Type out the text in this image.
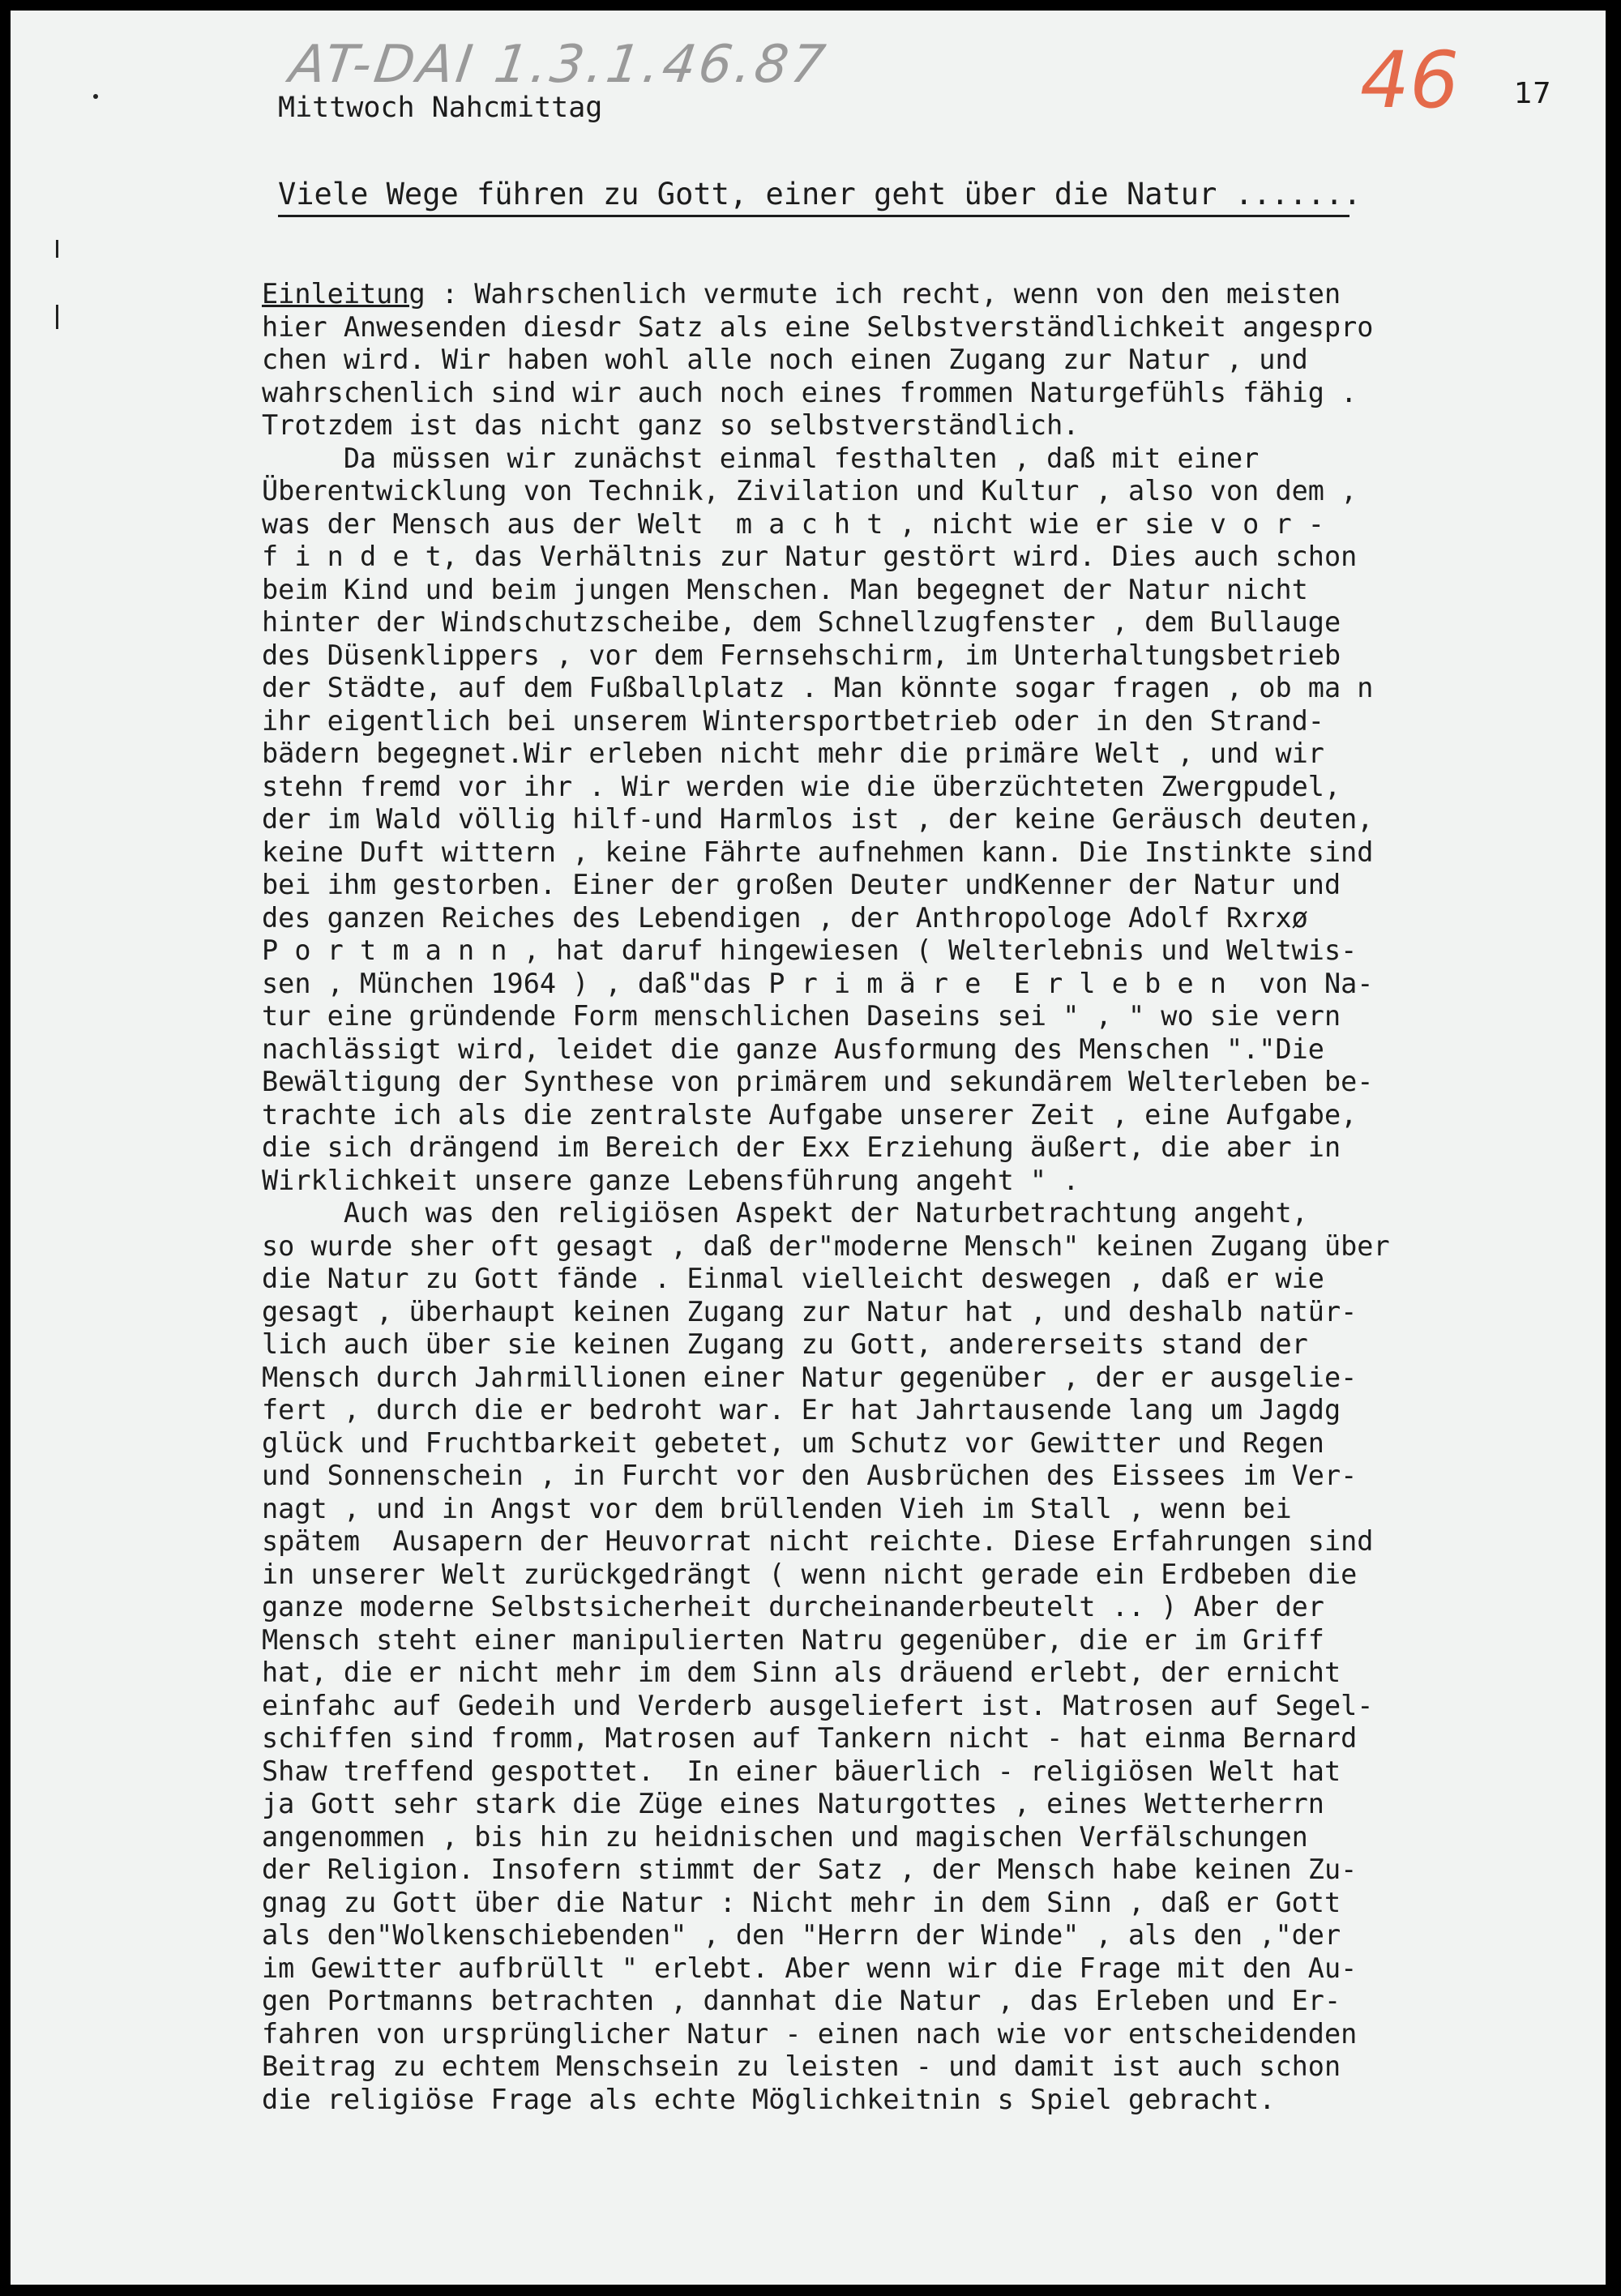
AT-DAI 1.3.1.46.87	46 17
Mittwoch Nahcmittag
Viele Wege führen zu Gott, einer geht über die Natur .......
Einleitung : Wahrschenlich vermute ich recht, wenn von den meisten
hier Anwesenden diesdr Satz als eine Selbstverständlichkeit angespro
chen wird. Wir haben wohl alle noch einen Zugang zur Natur , und
wahrschenlich sind wir auch noch eines frommen Naturgefühls fähig .
Trotzdem ist das nicht ganz so selbstverständlich.
Da müssen wir zunächst einmal festhalten , daß mit einer
Überentwicklung von Technik, Zivilation und Kultur , also von dem ,
was der Mensch aus der Welt  m a c h t , nicht wie er sie v o r -
f i n d e t, das Verhältnis zur Natur gestört wird. Dies auch schon
beim Kind und beim jungen Menschen. Man begegnet der Natur nicht
hinter der Windschutzscheibe, dem Schnellzugfenster , dem Bullauge
des Düsenklippers , vor dem Fernsehschirm, im Unterhaltungsbetrieb
der Städte, auf dem Fußballplatz . Man könnte sogar fragen , ob ma n
ihr eigentlich bei unserem Wintersportbetrieb oder in den Strand-
bädern begegnet.Wir erleben nicht mehr die primäre Welt , und wir
stehn fremd vor ihr . Wir werden wie die überzüchteten Zwergpudel,
der im Wald völlig hilf-und Harmlos ist , der keine Geräusch deuten,
keine Duft wittern , keine Fährte aufnehmen kann. Die Instinkte sind
bei ihm gestorben. Einer der großen Deuter undKenner der Natur und
des ganzen Reiches des Lebendigen , der Anthropologe Adolf Rxrxø
P o r t m a n n , hat daruf hingewiesen ( Welterlebnis und Weltwis-
sen , München 1964 ) , daß"das P r i m ä r e  E r l e b e n  von Na-
tur eine gründende Form menschlichen Daseins sei " , " wo sie vern
nachlässigt wird, leidet die ganze Ausformung des Menschen "."Die
Bewältigung der Synthese von primärem und sekundärem Welterleben be-
trachte ich als die zentralste Aufgabe unserer Zeit , eine Aufgabe,
die sich drängend im Bereich der Exx Erziehung äußert, die aber in
Wirklichkeit unsere ganze Lebensführung angeht " .
Auch was den religiösen Aspekt der Naturbetrachtung angeht,
so wurde sher oft gesagt , daß der"moderne Mensch" keinen Zugang über
die Natur zu Gott fände . Einmal vielleicht deswegen , daß er wie
gesagt , überhaupt keinen Zugang zur Natur hat , und deshalb natür-
lich auch über sie keinen Zugang zu Gott, andererseits stand der
Mensch durch Jahrmillionen einer Natur gegenüber , der er ausgelie-
fert , durch die er bedroht war. Er hat Jahrtausende lang um Jagdg
glück und Fruchtbarkeit gebetet, um Schutz vor Gewitter und Regen
und Sonnenschein , in Furcht vor den Ausbrüchen des Eissees im Ver-
nagt , und in Angst vor dem brüllenden Vieh im Stall , wenn bei
spätem  Ausapern der Heuvorrat nicht reichte. Diese Erfahrungen sind
in unserer Welt zurückgedrängt ( wenn nicht gerade ein Erdbeben die
ganze moderne Selbstsicherheit durcheinanderbeutelt .. ) Aber der
Mensch steht einer manipulierten Natru gegenüber, die er im Griff
hat, die er nicht mehr im dem Sinn als dräuend erlebt, der ernicht
einfahc auf Gedeih und Verderb ausgeliefert ist. Matrosen auf Segel-
schiffen sind fromm, Matrosen auf Tankern nicht - hat einma Bernard
Shaw treffend gespottet.  In einer bäuerlich - religiösen Welt hat
ja Gott sehr stark die Züge eines Naturgottes , eines Wetterherrn
angenommen , bis hin zu heidnischen und magischen Verfälschungen
der Religion. Insofern stimmt der Satz , der Mensch habe keinen Zu-
gnag zu Gott über die Natur : Nicht mehr in dem Sinn , daß er Gott
als den"Wolkenschiebenden" , den "Herrn der Winde" , als den ,"der
im Gewitter aufbrüllt " erlebt. Aber wenn wir die Frage mit den Au-
gen Portmanns betrachten , dannhat die Natur , das Erleben und Er-
fahren von ursprünglicher Natur - einen nach wie vor entscheidenden
Beitrag zu echtem Menschsein zu leisten - und damit ist auch schon
die religiöse Frage als echte Möglichkeitnin s Spiel gebracht.
